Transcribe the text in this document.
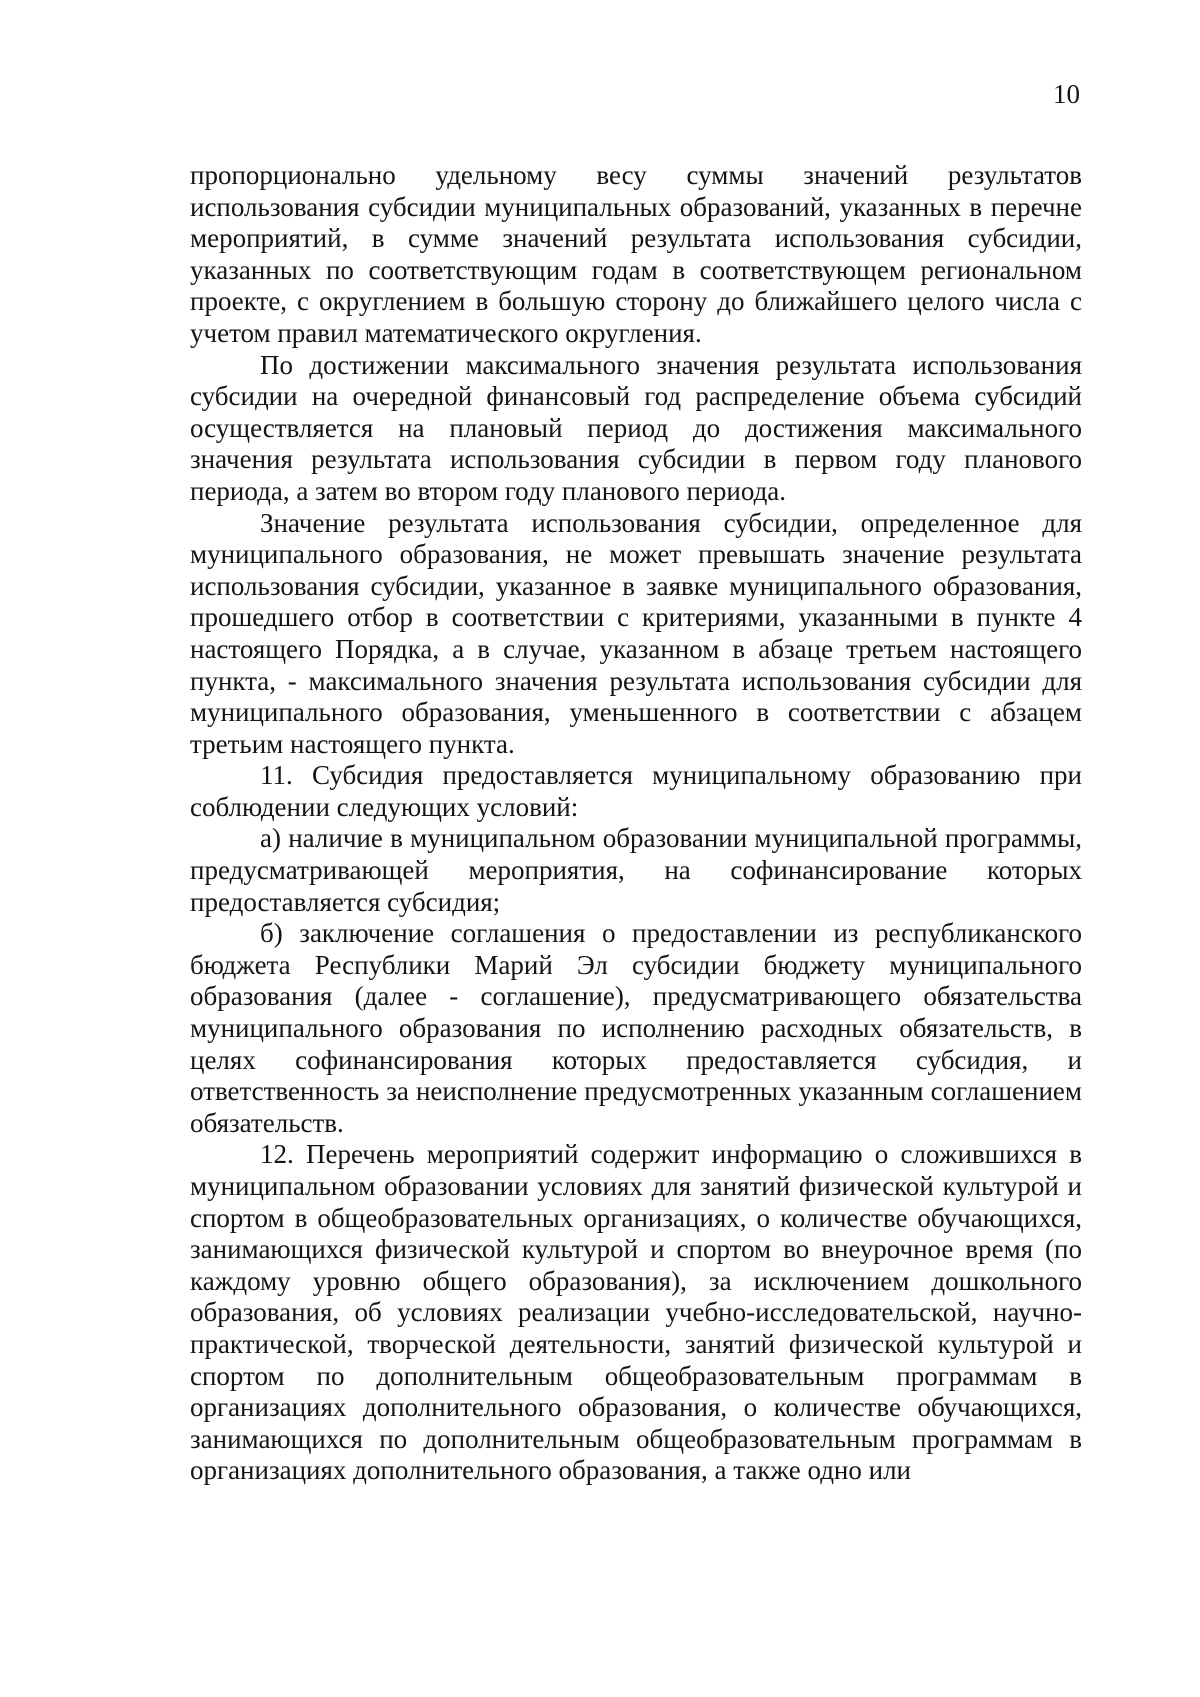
10

пропорционально удельному весу суммы значений результатов использования субсидии муниципальных образований, указанных в перечне мероприятий, в сумме значений результата использования субсидии, указанных по соответствующим годам в соответствующем региональном проекте, с округлением в большую сторону до ближайшего целого числа с учетом правил математического округления.

По достижении максимального значения результата использования субсидии на очередной финансовый год распределение объема субсидий осуществляется на плановый период до достижения максимального значения результата использования субсидии в первом году планового периода, а затем во втором году планового периода.

Значение результата использования субсидии, определенное для муниципального образования, не может превышать значение результата использования субсидии, указанное в заявке муниципального образования, прошедшего отбор в соответствии с критериями, указанными в пункте 4 настоящего Порядка, а в случае, указанном в абзаце третьем настоящего пункта, - максимального значения результата использования субсидии для муниципального образования, уменьшенного в соответствии с абзацем третьим настоящего пункта.

11. Субсидия предоставляется муниципальному образованию при соблюдении следующих условий:

а) наличие в муниципальном образовании муниципальной программы, предусматривающей мероприятия, на софинансирование которых предоставляется субсидия;

б) заключение соглашения о предоставлении из республиканского бюджета Республики Марий Эл субсидии бюджету муниципального образования (далее - соглашение), предусматривающего обязательства муниципального образования по исполнению расходных обязательств, в целях софинансирования которых предоставляется субсидия, и ответственность за неисполнение предусмотренных указанным соглашением обязательств.

12. Перечень мероприятий содержит информацию о сложившихся в муниципальном образовании условиях для занятий физической культурой и спортом в общеобразовательных организациях, о количестве обучающихся, занимающихся физической культурой и спортом во внеурочное время (по каждому уровню общего образования), за исключением дошкольного образования, об условиях реализации учебно-исследовательской, научно-практической, творческой деятельности, занятий физической культурой и спортом по дополнительным общеобразовательным программам в организациях дополнительного образования, о количестве обучающихся, занимающихся по дополнительным общеобразовательным программам в организациях дополнительного образования, а также одно или
